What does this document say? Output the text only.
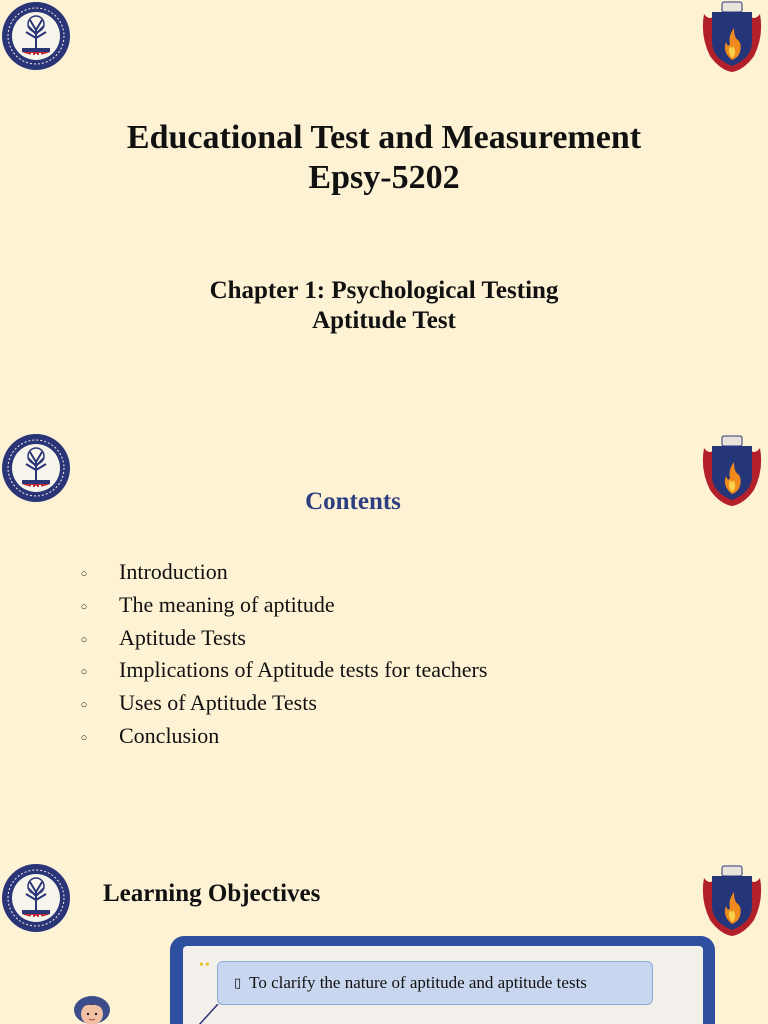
Educational Test and Measurement
Epsy-5202
Chapter 1: Psychological Testing
Aptitude Test
Contents
○ Introduction
○ The meaning of aptitude
○ Aptitude Tests
○ Implications of Aptitude tests for teachers
○ Uses of Aptitude Tests
○ Conclusion
Learning Objectives
••
▯ To clarify the nature of aptitude and aptitude tests
